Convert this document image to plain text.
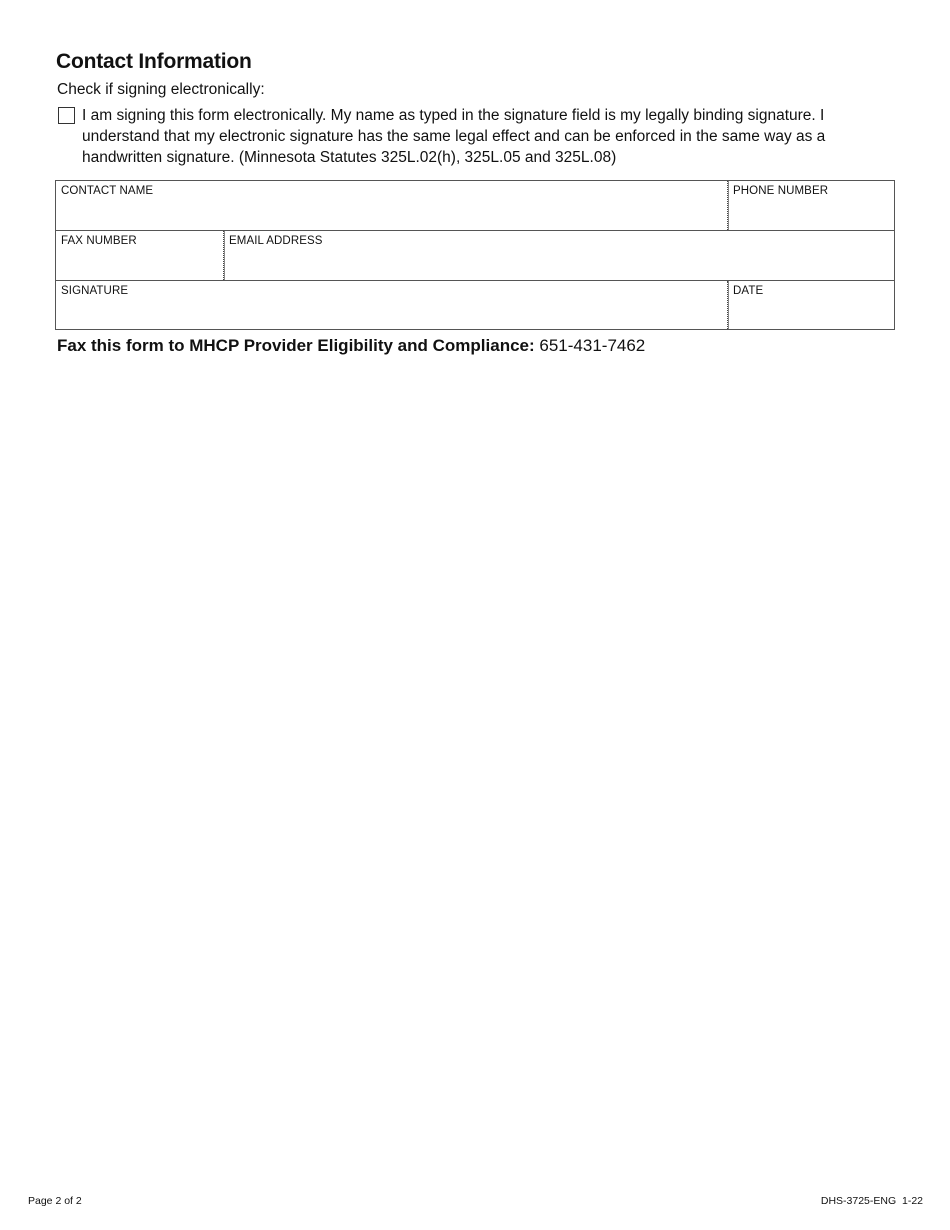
Contact Information
Check if signing electronically:
I am signing this form electronically. My name as typed in the signature field is my legally binding signature. I understand that my electronic signature has the same legal effect and can be enforced in the same way as a handwritten signature. (Minnesota Statutes 325L.02(h), 325L.05 and 325L.08)
CONTACT NAME	PHONE NUMBER
FAX NUMBER	EMAIL ADDRESS
SIGNATURE	DATE
Fax this form to MHCP Provider Eligibility and Compliance: 651-431-7462
Page 2 of 2	DHS-3725-ENG  1-22
